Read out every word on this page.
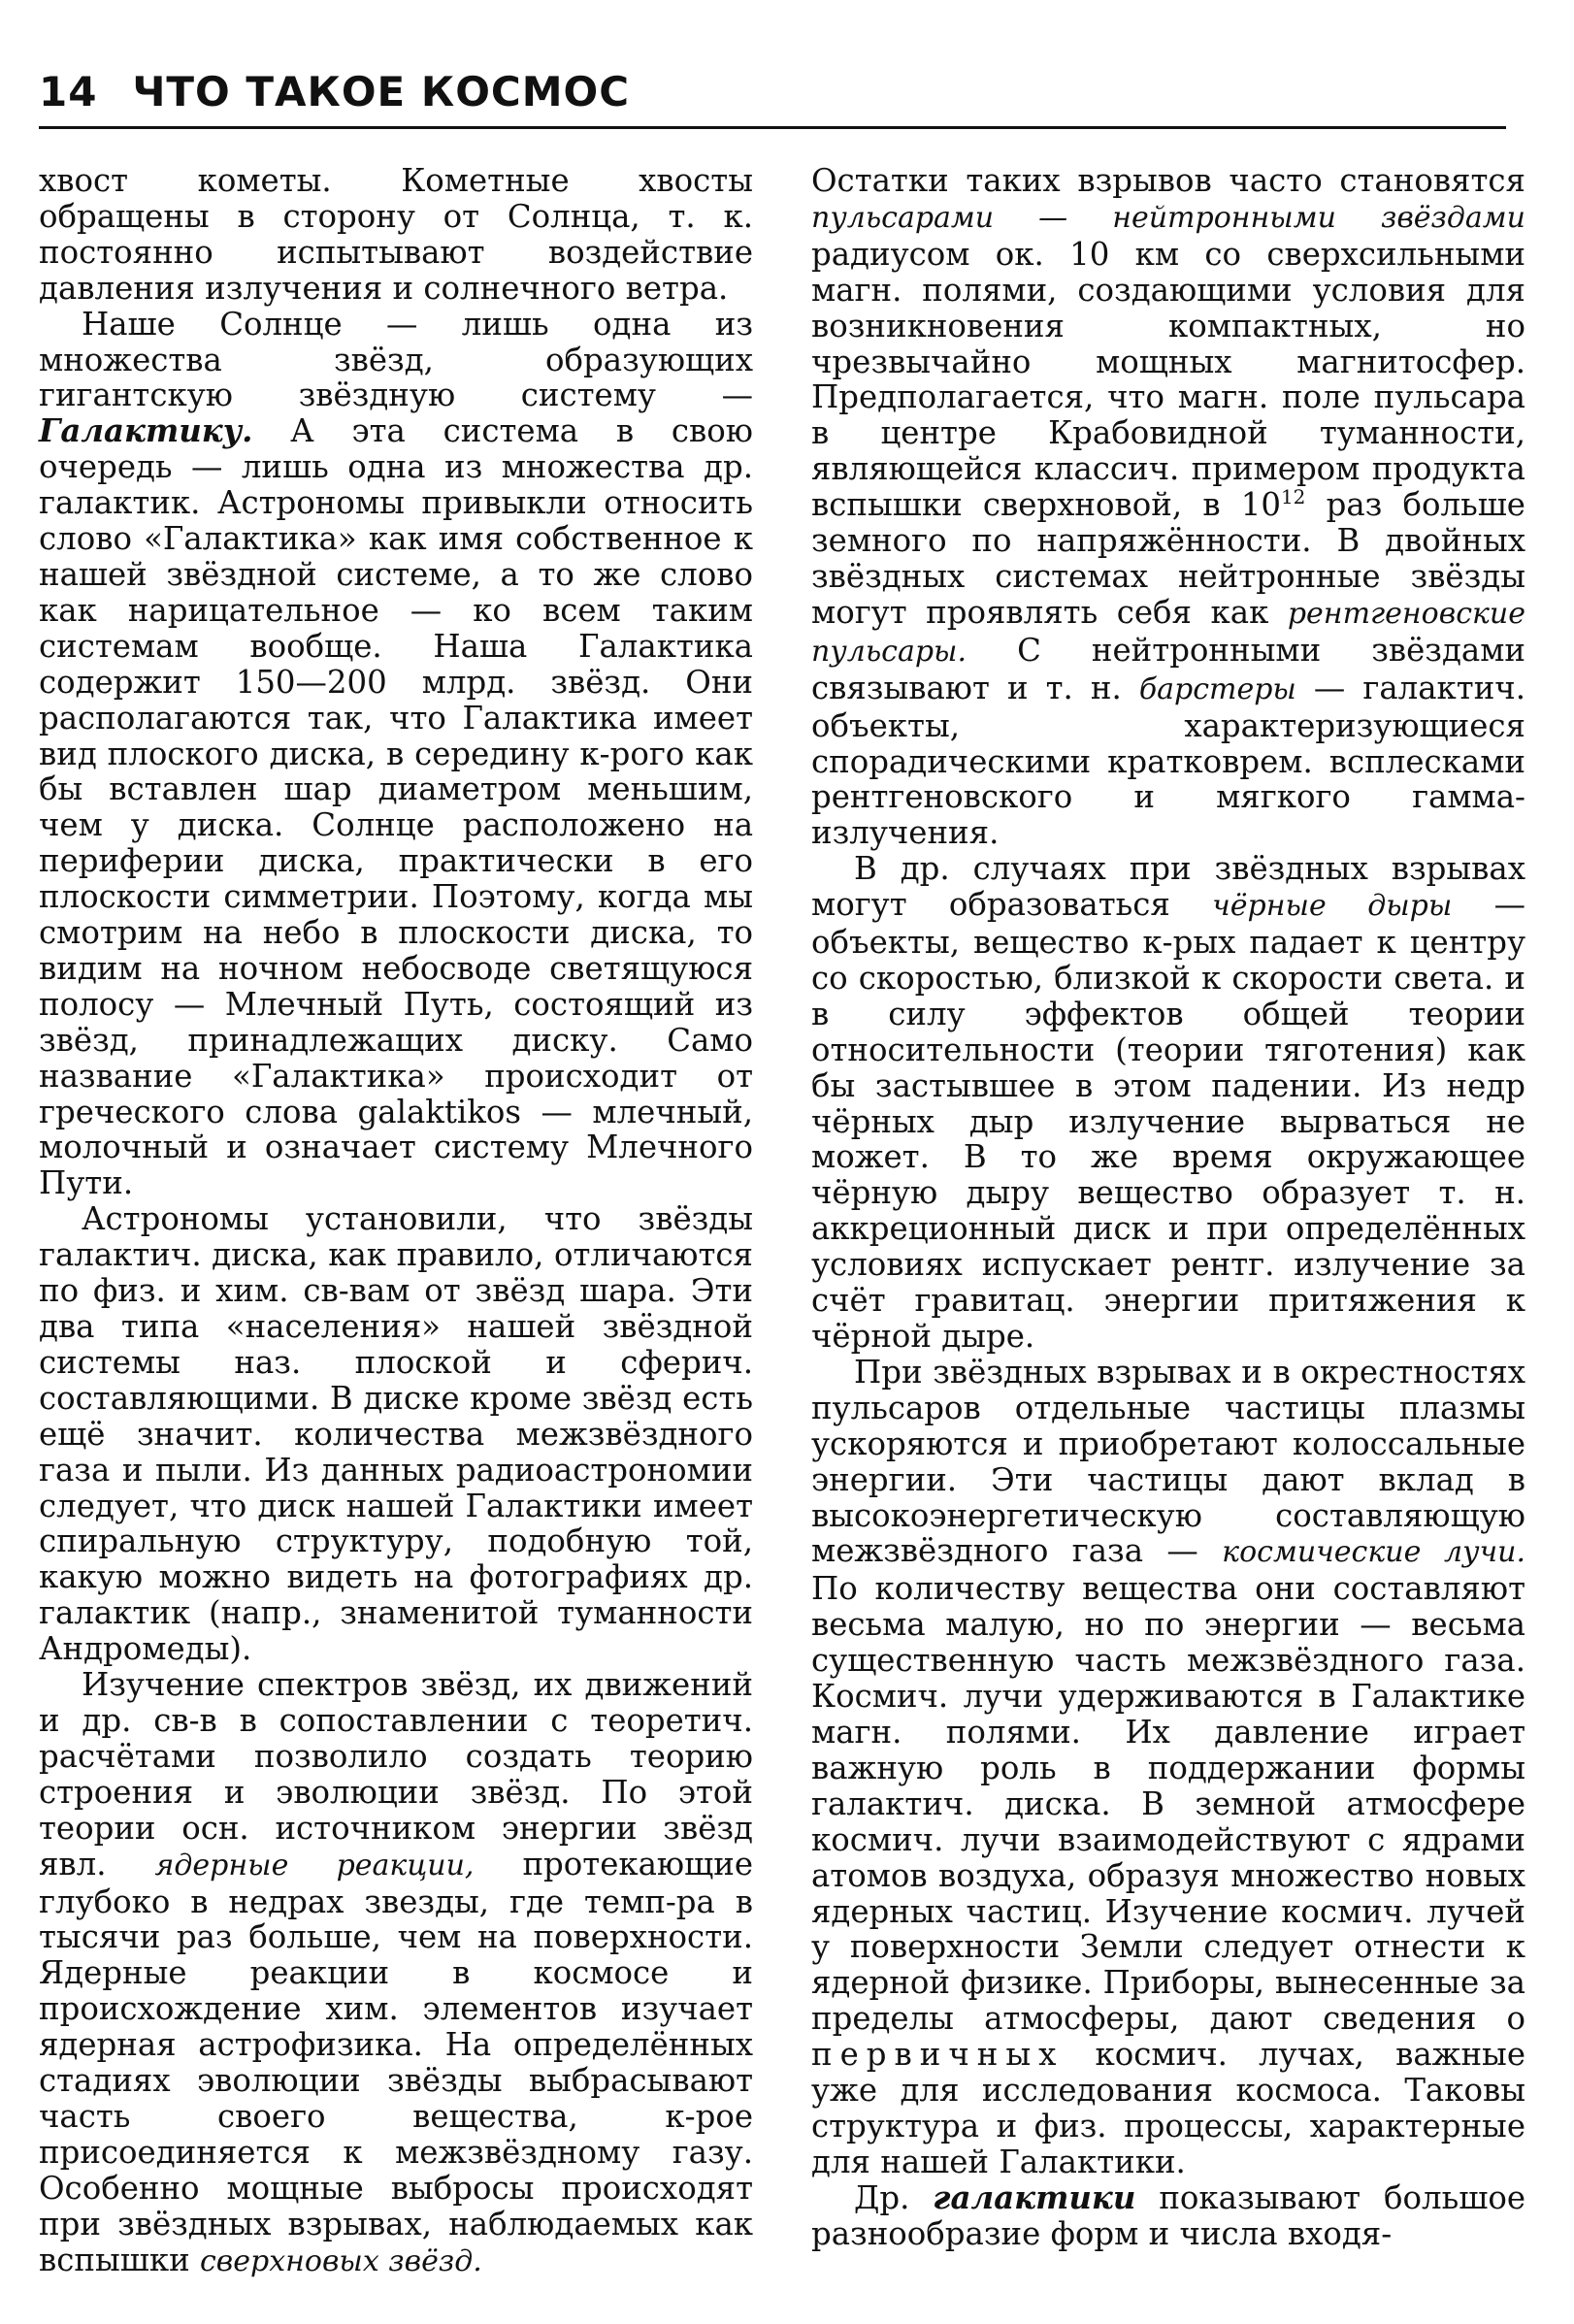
14 ЧТО ТАКОЕ КОСМОС

хвост кометы. Кометные хвосты обращены в сторону от Солнца, т. к. постоянно испытывают воздействие давления излучения и солнечного ветра.

Наше Солнце — лишь одна из множества звёзд, образующих гигантскую звёздную систему — Галактику. А эта система в свою очередь — лишь одна из множества др. галактик. Астрономы привыкли относить слово «Галактика» как имя собственное к нашей звёздной системе, а то же слово как нарицательное — ко всем таким системам вообще. Наша Галактика содержит 150—200 млрд. звёзд. Они располагаются так, что Галактика имеет вид плоского диска, в середину к-рого как бы вставлен шар диаметром меньшим, чем у диска. Солнце расположено на периферии диска, практически в его плоскости симметрии. Поэтому, когда мы смотрим на небо в плоскости диска, то видим на ночном небосводе светящуюся полосу — Млечный Путь, состоящий из звёзд, принадлежащих диску. Само название «Галактика» происходит от греческого слова galaktikos — млечный, молочный и означает систему Млечного Пути.

Астрономы установили, что звёзды галактич. диска, как правило, отличаются по физ. и хим. св-вам от звёзд шара. Эти два типа «населения» нашей звёздной системы наз. плоской и сферич. составляющими. В диске кроме звёзд есть ещё значит. количества межзвёздного газа и пыли. Из данных радиоастрономии следует, что диск нашей Галактики имеет спиральную структуру, подобную той, какую можно видеть на фотографиях др. галактик (напр., знаменитой туманности Андромеды).

Изучение спектров звёзд, их движений и др. св-в в сопоставлении с теоретич. расчётами позволило создать теорию строения и эволюции звёзд. По этой теории осн. источником энергии звёзд явл. ядерные реакции, протекающие глубоко в недрах звезды, где темп-ра в тысячи раз больше, чем на поверхности. Ядерные реакции в космосе и происхождение хим. элементов изучает ядерная астрофизика. На определённых стадиях эволюции звёзды выбрасывают часть своего вещества, к-рое присоединяется к межзвёздному газу. Особенно мощные выбросы происходят при звёздных взрывах, наблюдаемых как вспышки сверхновых звёзд.

Остатки таких взрывов часто становятся пульсарами — нейтронными звёздами радиусом ок. 10 км со сверхсильными магн. полями, создающими условия для возникновения компактных, но чрезвычайно мощных магнитосфер. Предполагается, что магн. поле пульсара в центре Крабовидной туманности, являющейся классич. примером продукта вспышки сверхновой, в $10^{12}$ раз больше земного по напряжённости. В двойных звёздных системах нейтронные звёзды могут проявлять себя как рентгеновские пульсары. С нейтронными звёздами связывают и т. н. барстеры — галактич. объекты, характеризующиеся спорадическими кратковрем. всплесками рентгеновского и мягкого гамма-излучения.

В др. случаях при звёздных взрывах могут образоваться чёрные дыры — объекты, вещество к-рых падает к центру со скоростью, близкой к скорости света. и в силу эффектов общей теории относительности (теории тяготения) как бы застывшее в этом падении. Из недр чёрных дыр излучение вырваться не может. В то же время окружающее чёрную дыру вещество образует т. н. аккреционный диск и при определённых условиях испускает рентг. излучение за счёт гравитац. энергии притяжения к чёрной дыре.

При звёздных взрывах и в окрестностях пульсаров отдельные частицы плазмы ускоряются и приобретают колоссальные энергии. Эти частицы дают вклад в высокоэнергетическую составляющую межзвёздного газа — космические лучи. По количеству вещества они составляют весьма малую, но по энергии — весьма существенную часть межзвёздного газа. Космич. лучи удерживаются в Галактике магн. полями. Их давление играет важную роль в поддержании формы галактич. диска. В земной атмосфере космич. лучи взаимодействуют с ядрами атомов воздуха, образуя множество новых ядерных частиц. Изучение космич. лучей у поверхности Земли следует отнести к ядерной физике. Приборы, вынесенные за пределы атмосферы, дают сведения о первичных космич. лучах, важные уже для исследования космоса. Таковы структура и физ. процессы, характерные для нашей Галактики.

Др. галактики показывают большое разнообразие форм и числа входя-
